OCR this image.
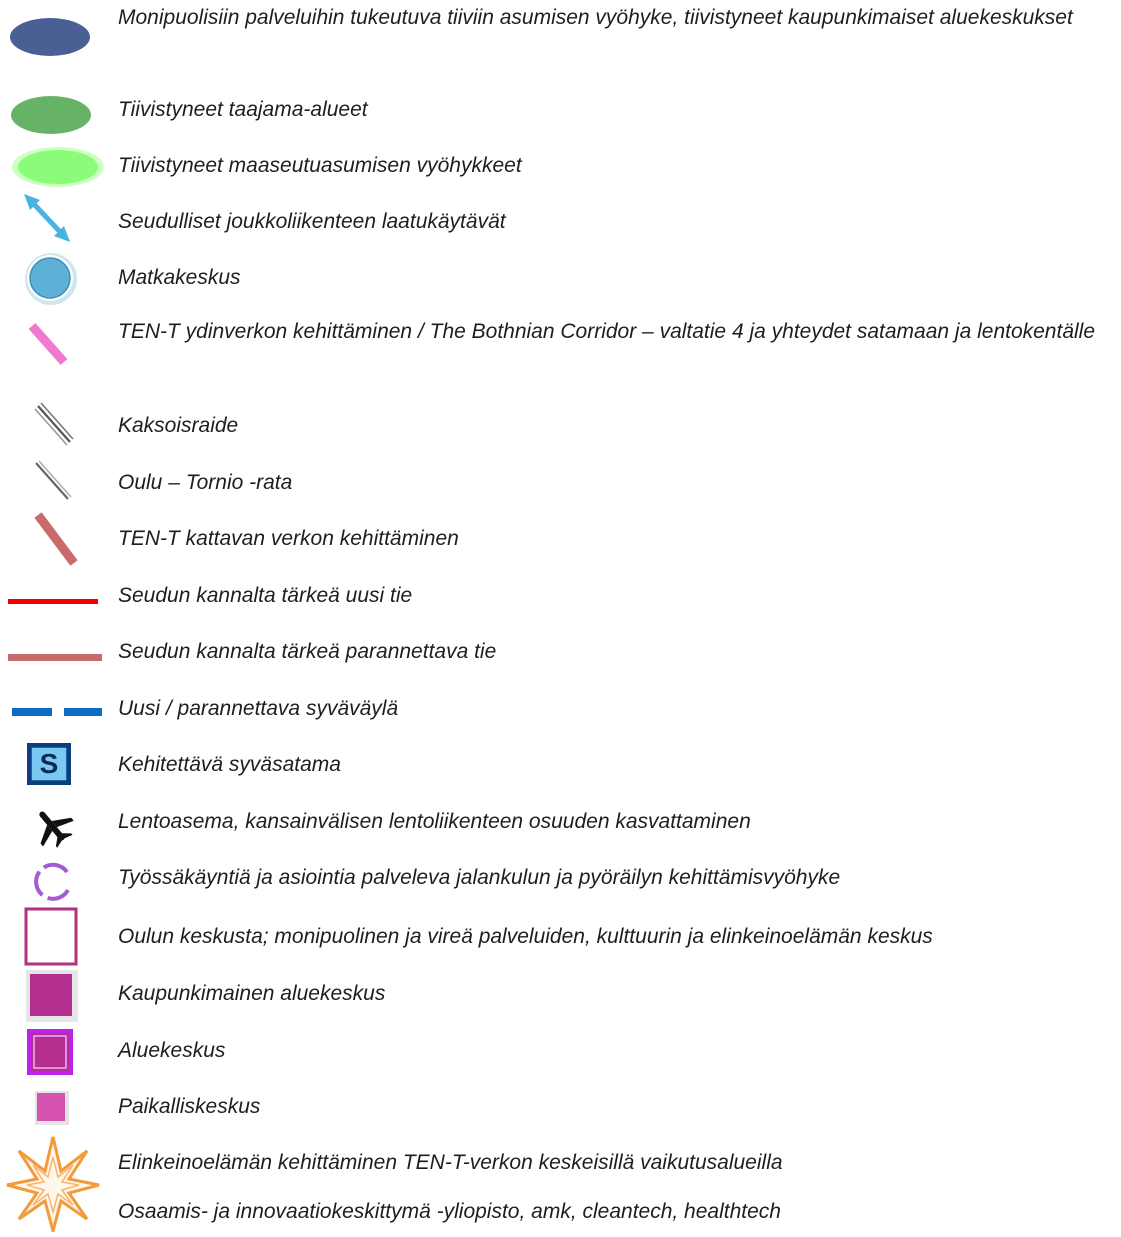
Monipuolisiin palveluihin tukeutuva tiiviin asumisen vyöhyke, tiivistyneet kaupunkimaiset aluekeskukset
Tiivistyneet taajama-alueet
Tiivistyneet maaseutuasumisen vyöhykkeet
Seudulliset joukkoliikenteen laatukäytävät
Matkakeskus
TEN-T ydinverkon kehittäminen / The Bothnian Corridor – valtatie 4 ja yhteydet satamaan ja lentokentälle
Kaksoisraide
Oulu – Tornio -rata
TEN-T kattavan verkon kehittäminen
Seudun kannalta tärkeä uusi tie
Seudun kannalta tärkeä parannettava tie
Uusi / parannettava syväväylä
S	Kehitettävä syväsatama
Lentoasema, kansainvälisen lentoliikenteen osuuden kasvattaminen
Työssäkäyntiä ja asiointia palveleva jalankulun ja pyöräilyn kehittämisvyöhyke
Oulun keskusta; monipuolinen ja vireä palveluiden, kulttuurin ja elinkeinoelämän keskus
Kaupunkimainen aluekeskus
Aluekeskus
Paikalliskeskus
Elinkeinoelämän kehittäminen TEN-T-verkon keskeisillä vaikutusalueilla
Osaamis- ja innovaatiokeskittymä -yliopisto, amk, cleantech, healthtech
